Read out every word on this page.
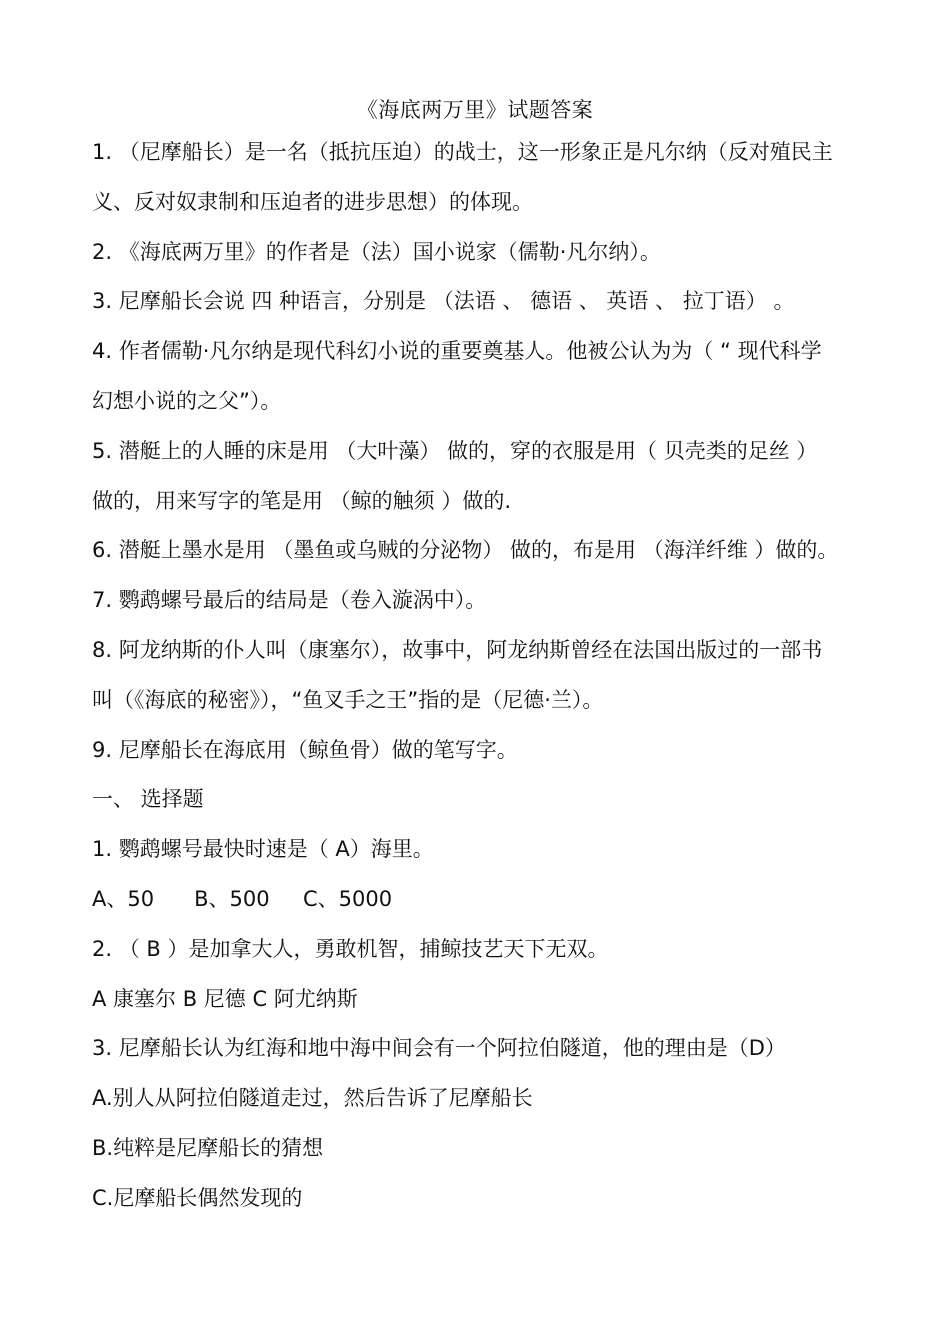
《海底两万里》试题答案
1. （尼摩船长）是一名（抵抗压迫）的战士，这一形象正是凡尔纳（反对殖民主
义、反对奴隶制和压迫者的进步思想）的体现。
2. 《海底两万里》的作者是（法）国小说家（儒勒·凡尔纳）。
3. 尼摩船长会说 四 种语言，分别是 （法语 、 德语 、 英语 、 拉丁语） 。
4. 作者儒勒·凡尔纳是现代科幻小说的重要奠基人。他被公认为为（ “ 现代科学
幻想小说的之父”）。
5. 潜艇上的人睡的床是用 （大叶藻） 做的，穿的衣服是用（ 贝壳类的足丝 ）
做的，用来写字的笔是用 （鲸的触须 ）做的.
6. 潜艇上墨水是用 （墨鱼或乌贼的分泌物） 做的，布是用 （海洋纤维 ）做的。
7. 鹦鹉螺号最后的结局是（卷入漩涡中）。
8. 阿龙纳斯的仆人叫（康塞尔），故事中，阿龙纳斯曾经在法国出版过的一部书
叫（《海底的秘密》），“鱼叉手之王”指的是（尼德·兰）。
9. 尼摩船长在海底用（鲸鱼骨）做的笔写字。
一、 选择题
1. 鹦鹉螺号最快时速是（ A）海里。
A、50      B、500     C、5000
2. （ B ）是加拿大人，勇敢机智，捕鲸技艺天下无双。
A 康塞尔 B 尼德 C 阿尤纳斯
3. 尼摩船长认为红海和地中海中间会有一个阿拉伯隧道，他的理由是（D）
A.别人从阿拉伯隧道走过，然后告诉了尼摩船长
B.纯粹是尼摩船长的猜想
C.尼摩船长偶然发现的
